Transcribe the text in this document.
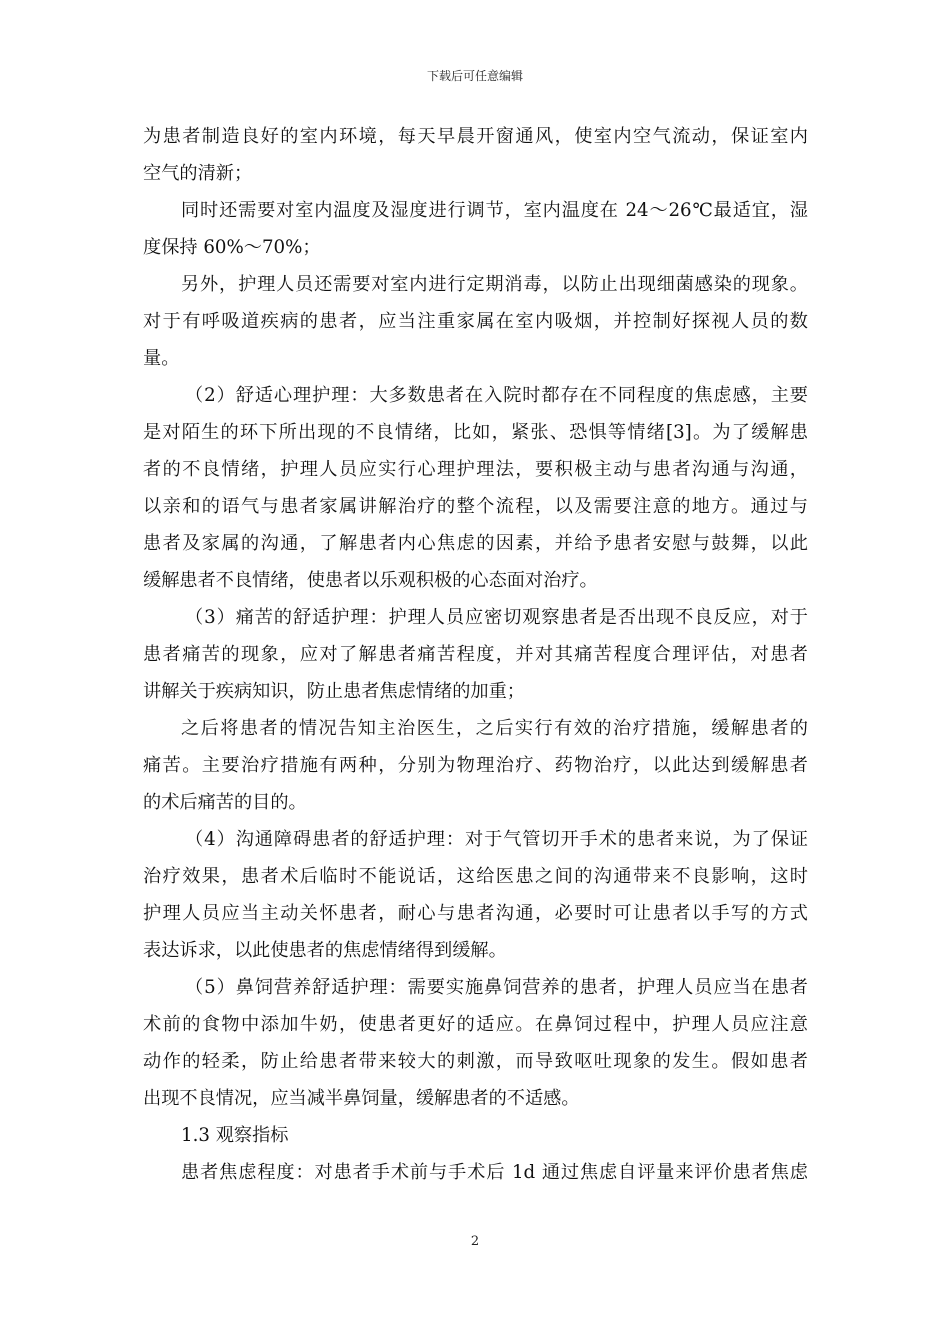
下载后可任意编辑
为患者制造良好的室内环境，每天早晨开窗通风，使室内空气流动，保证室内
空气的清新；
同时还需要对室内温度及湿度进行调节，室内温度在 24～26℃最适宜，湿
度保持 60%～70%；
另外，护理人员还需要对室内进行定期消毒，以防止出现细菌感染的现象。
对于有呼吸道疾病的患者，应当注重家属在室内吸烟，并控制好探视人员的数
量。
（2）舒适心理护理：大多数患者在入院时都存在不同程度的焦虑感，主要
是对陌生的环下所出现的不良情绪，比如，紧张、恐惧等情绪[3]。为了缓解患
者的不良情绪，护理人员应实行心理护理法，要积极主动与患者沟通与沟通，
以亲和的语气与患者家属讲解治疗的整个流程，以及需要注意的地方。通过与
患者及家属的沟通，了解患者内心焦虑的因素，并给予患者安慰与鼓舞，以此
缓解患者不良情绪，使患者以乐观积极的心态面对治疗。
（3）痛苦的舒适护理：护理人员应密切观察患者是否出现不良反应，对于
患者痛苦的现象，应对了解患者痛苦程度，并对其痛苦程度合理评估，对患者
讲解关于疾病知识，防止患者焦虑情绪的加重；
之后将患者的情况告知主治医生，之后实行有效的治疗措施，缓解患者的
痛苦。主要治疗措施有两种，分别为物理治疗、药物治疗，以此达到缓解患者
的术后痛苦的目的。
（4）沟通障碍患者的舒适护理：对于气管切开手术的患者来说，为了保证
治疗效果，患者术后临时不能说话，这给医患之间的沟通带来不良影响，这时
护理人员应当主动关怀患者，耐心与患者沟通，必要时可让患者以手写的方式
表达诉求，以此使患者的焦虑情绪得到缓解。
（5）鼻饲营养舒适护理：需要实施鼻饲营养的患者，护理人员应当在患者
术前的食物中添加牛奶，使患者更好的适应。在鼻饲过程中，护理人员应注意
动作的轻柔，防止给患者带来较大的刺激，而导致呕吐现象的发生。假如患者
出现不良情况，应当减半鼻饲量，缓解患者的不适感。
1.3 观察指标
患者焦虑程度：对患者手术前与手术后 1d 通过焦虑自评量来评价患者焦虑
2
